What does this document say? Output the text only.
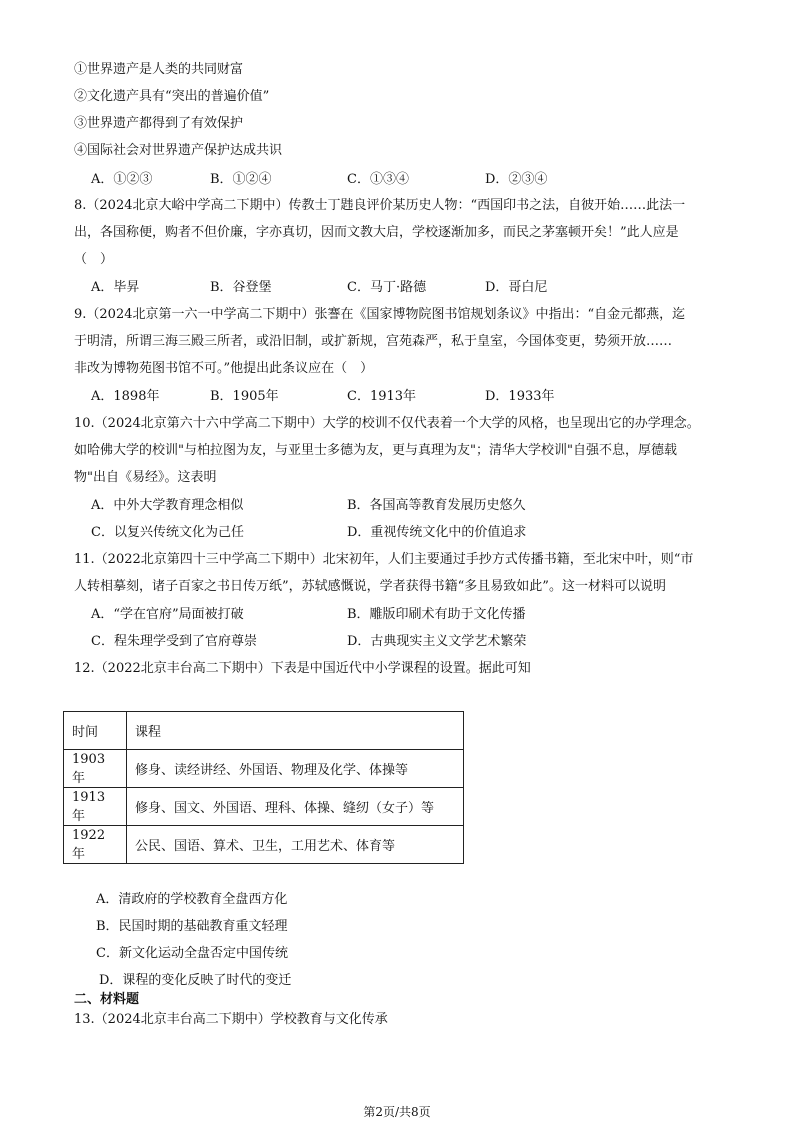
①世界遗产是人类的共同财富
②文化遗产具有“突出的普遍价值”
③世界遗产都得到了有效保护
④国际社会对世界遗产保护达成共识
A．①②③	B．①②④	C．①③④	D．②③④
8.（2024北京大峪中学高二下期中）传教士丁韪良评价某历史人物：“西国印书之法，自彼开始……此法一
出，各国称便，购者不但价廉，字亦真切，因而文教大启，学校逐渐加多，而民之茅塞顿开矣！”此人应是
（　）
A．毕昇	B．谷登堡	C．马丁·路德	D．哥白尼
9.（2024北京第一六一中学高二下期中）张謇在《国家博物院图书馆规划条议》中指出：“自金元都燕，迄
于明清，所谓三海三殿三所者，或沿旧制，或扩新规，宫苑森严，私于皇室，今国体变更，势须开放……
非改为博物苑图书馆不可。”他提出此条议应在（　）
A．1898年	B．1905年	C．1913年	D．1933年
10.（2024北京第六十六中学高二下期中）大学的校训不仅代表着一个大学的风格，也呈现出它的办学理念。
如哈佛大学的校训"与柏拉图为友，与亚里士多德为友，更与真理为友"；清华大学校训"自强不息，厚德载
物"出自《易经》。这表明
A．中外大学教育理念相似	B．各国高等教育发展历史悠久
C．以复兴传统文化为己任	D．重视传统文化中的价值追求
11.（2022北京第四十三中学高二下期中）北宋初年，人们主要通过手抄方式传播书籍，至北宋中叶，则“市
人转相摹刻，诸子百家之书日传万纸”，苏轼感慨说，学者获得书籍“多且易致如此”。这一材料可以说明
A．“学在官府”局面被打破	B．雕版印刷术有助于文化传播
C．程朱理学受到了官府尊崇	D．古典现实主义文学艺术繁荣
12.（2022北京丰台高二下期中）下表是中国近代中小学课程的设置。据此可知
时间	课程
1903年	修身、读经讲经、外国语、物理及化学、体操等
1913年	修身、国文、外国语、理科、体操、缝纫（女子）等
1922年	公民、国语、算术、卫生，工用艺术、体育等
A．清政府的学校教育全盘西方化
B．民国时期的基础教育重文轻理
C．新文化运动全盘否定中国传统
D．课程的变化反映了时代的变迁
二、材料题
13.（2024北京丰台高二下期中）学校教育与文化传承
第2页/共8页
